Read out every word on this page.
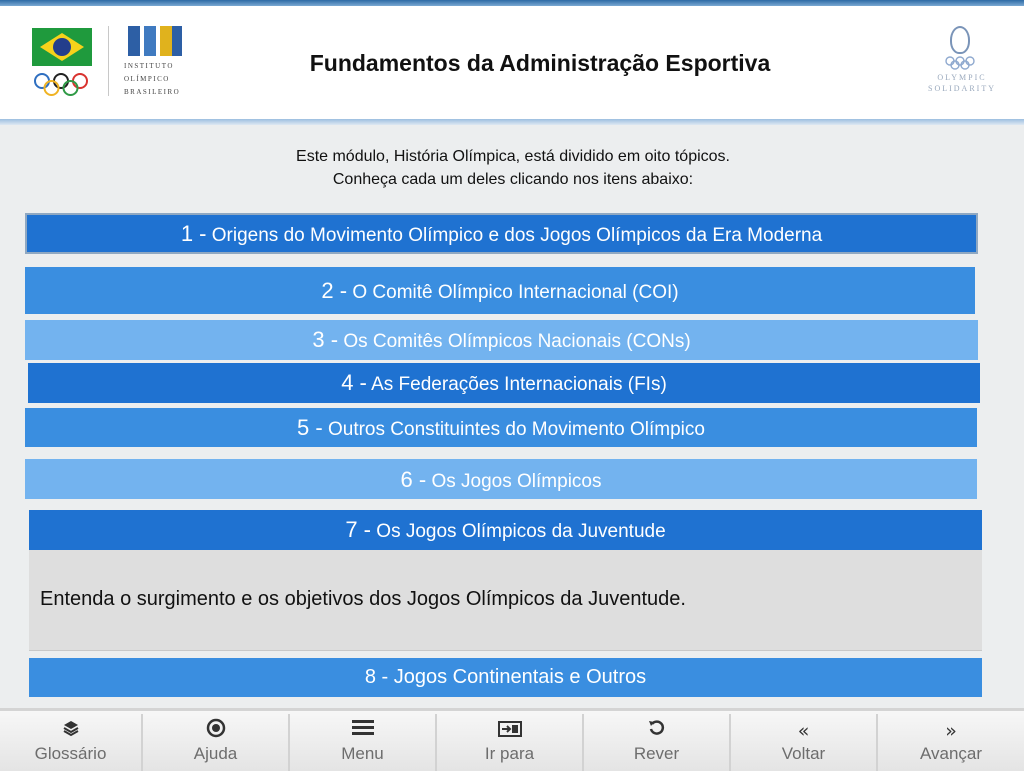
INSTITUTO
OLÍMPICO
BRASILEIRO
Fundamentos da Administração Esportiva
OLYMPIC
SOLIDARITY
Este módulo, História Olímpica, está dividido em oito tópicos.
Conheça cada um deles clicando nos itens abaixo:
1 - Origens do Movimento Olímpico e dos Jogos Olímpicos da Era Moderna
2 - O Comitê Olímpico Internacional (COI)
3 - Os Comitês Olímpicos Nacionais (CONs)
4 - As Federações Internacionais (FIs)
5 - Outros Constituintes do Movimento Olímpico
6 - Os Jogos Olímpicos
7 - Os Jogos Olímpicos da Juventude

Entenda o surgimento e os objetivos dos Jogos Olímpicos da Juventude.

8 - Jogos Continentais e Outros
Glossário	Ajuda	Menu	Ir para	Rever
«
Voltar
»
Avançar
